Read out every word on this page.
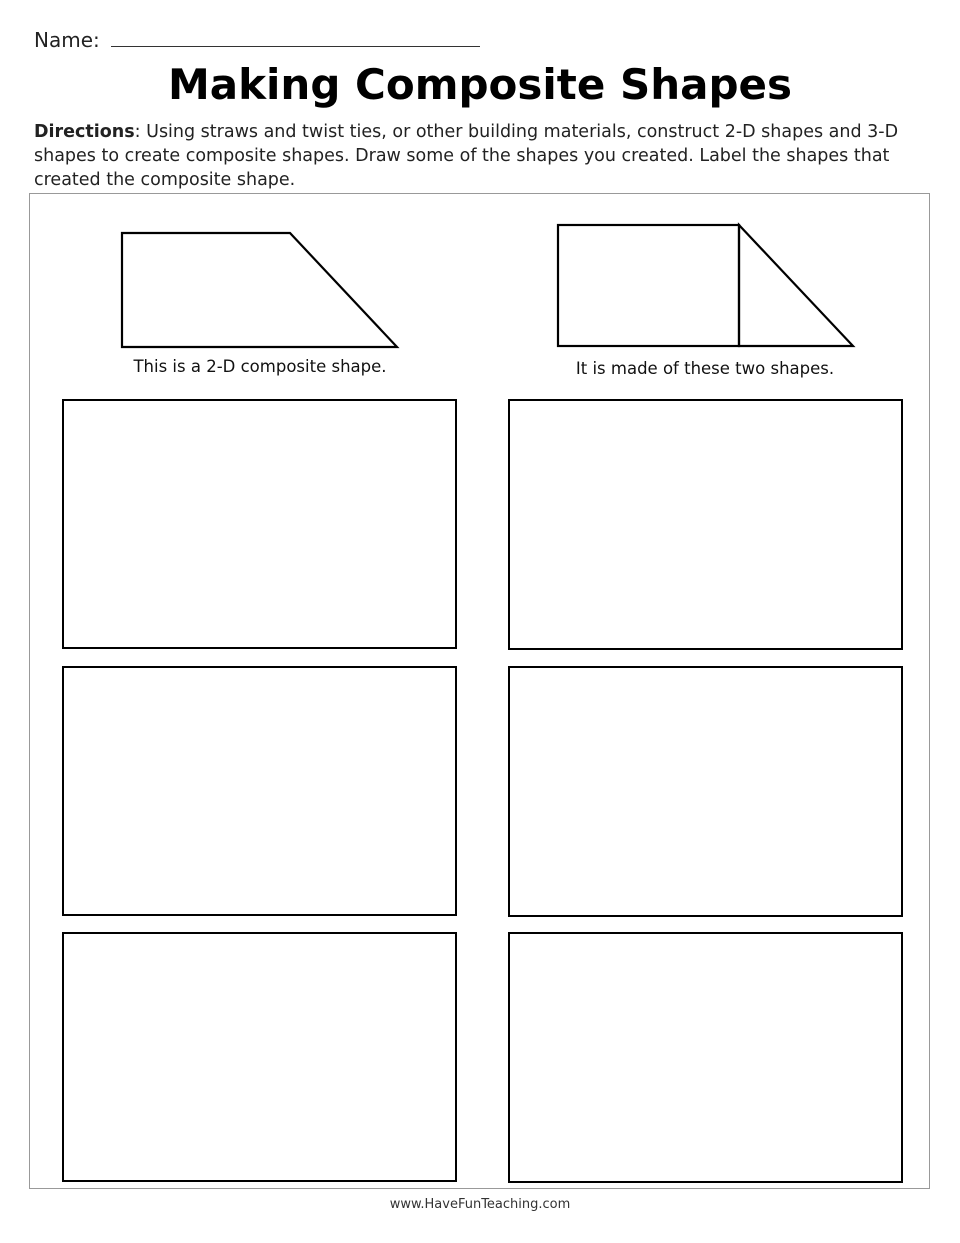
Name:
Making Composite Shapes
Directions: Using straws and twist ties, or other building materials, construct 2-D shapes and 3-D shapes to create composite shapes. Draw some of the shapes you created. Label the shapes that created the composite shape.
This is a 2-D composite shape.	It is made of these two shapes.
www.HaveFunTeaching.com
